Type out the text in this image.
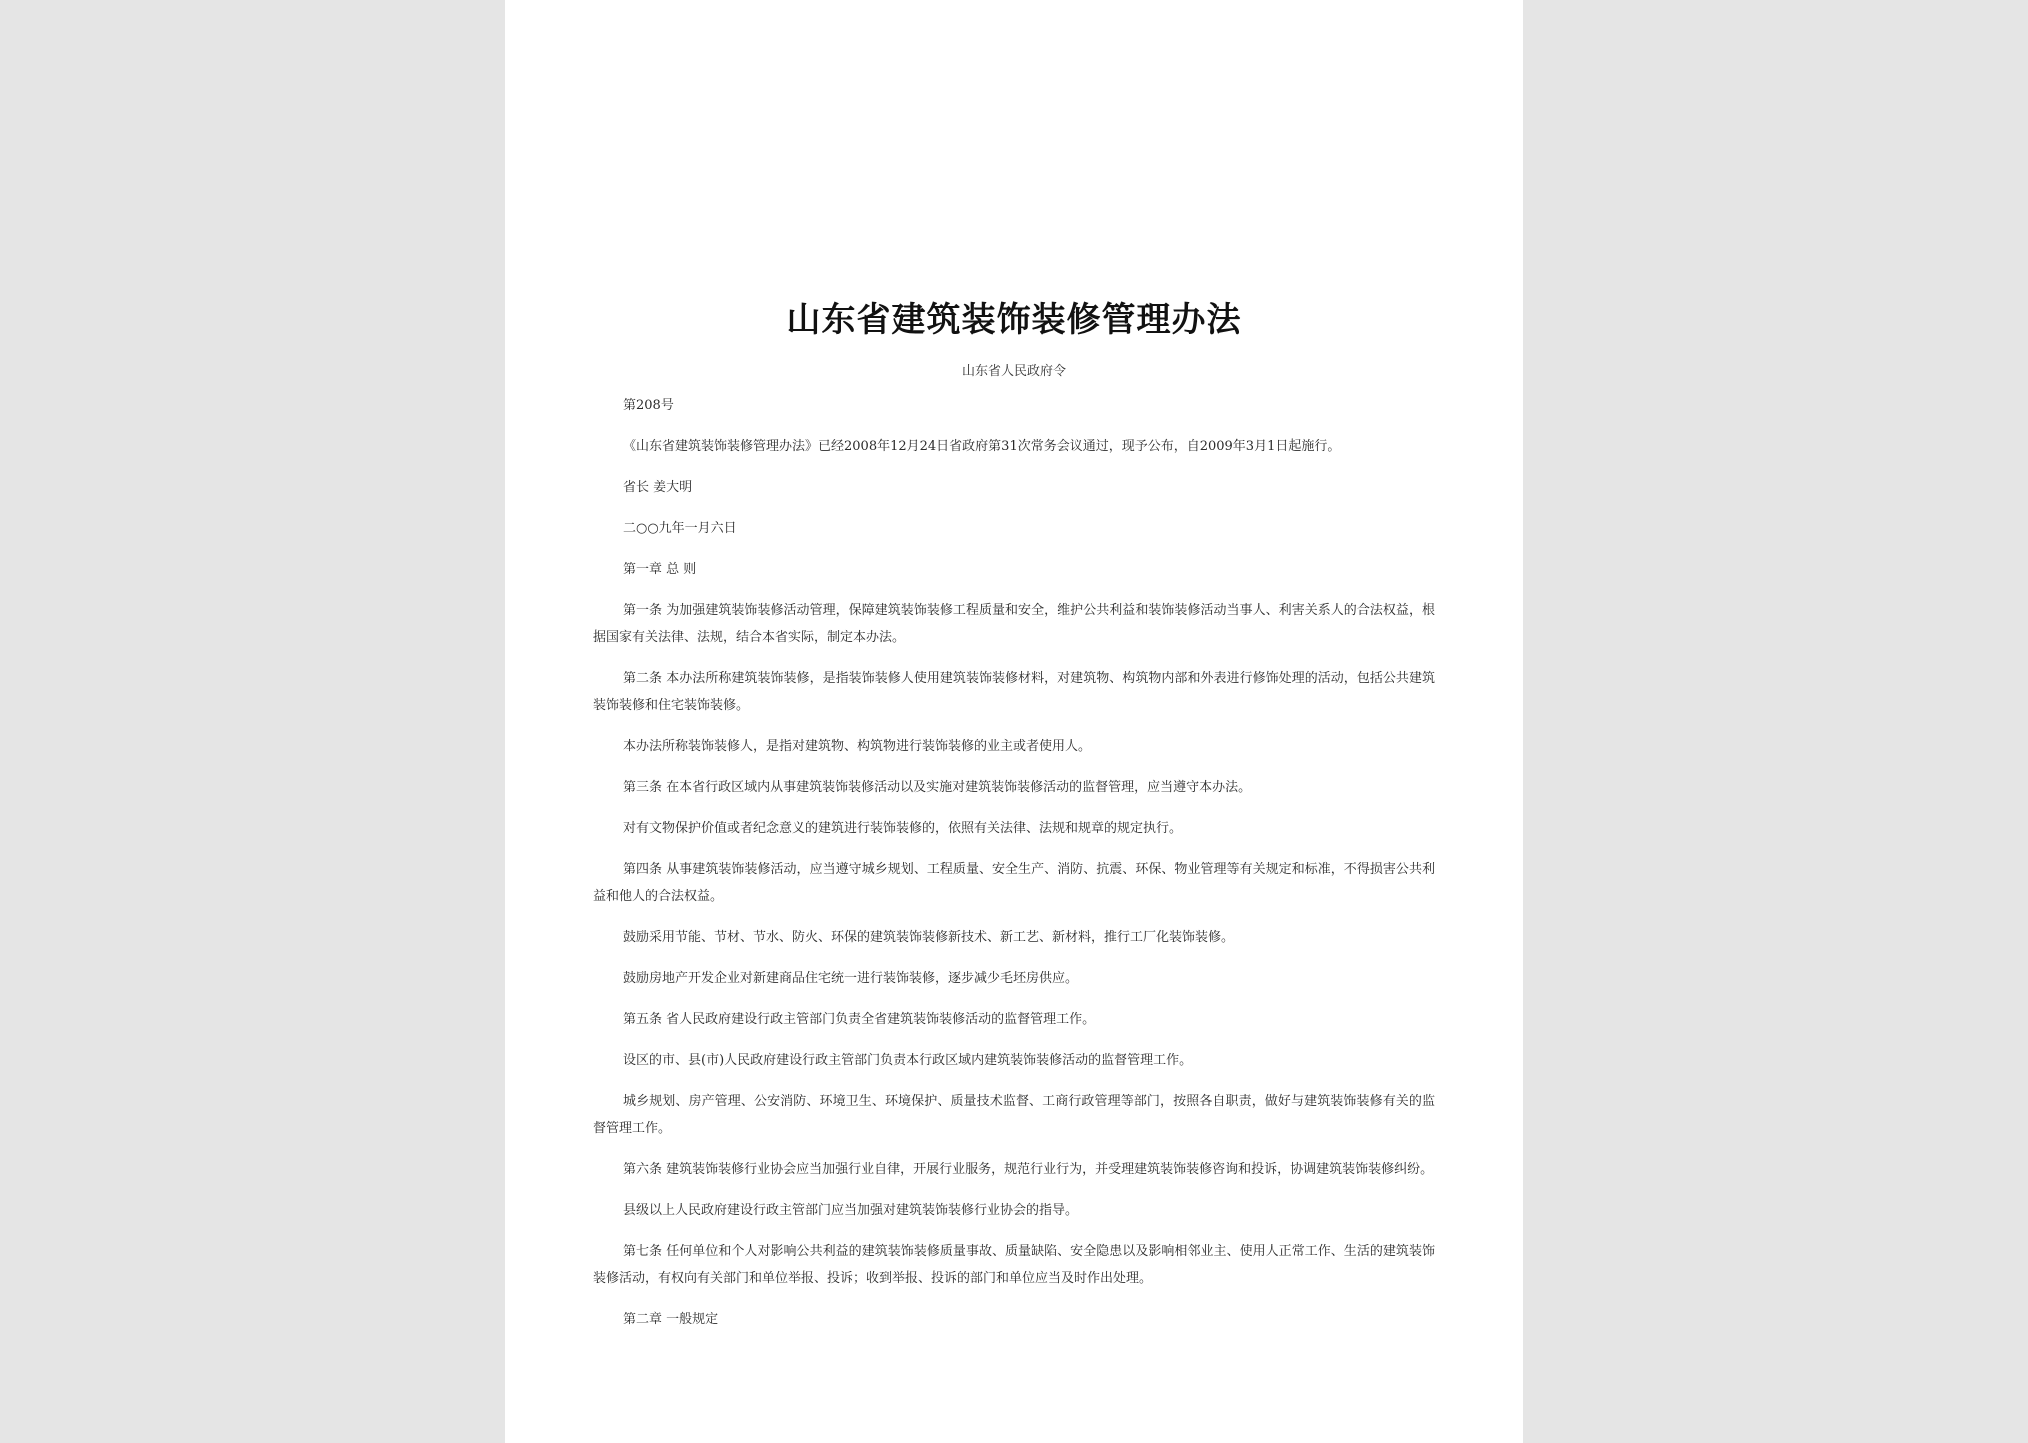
山东省建筑装饰装修管理办法
山东省人民政府令

第208号

《山东省建筑装饰装修管理办法》已经2008年12月24日省政府第31次常务会议通过，现予公布，自2009年3月1日起施行。

省长 姜大明

二○○九年一月六日

第一章 总 则

第一条 为加强建筑装饰装修活动管理，保障建筑装饰装修工程质量和安全，维护公共利益和装饰装修活动当事人、利害关系人的合法权益，根据国家有关法律、法规，结合本省实际，制定本办法。

第二条 本办法所称建筑装饰装修，是指装饰装修人使用建筑装饰装修材料，对建筑物、构筑物内部和外表进行修饰处理的活动，包括公共建筑装饰装修和住宅装饰装修。

本办法所称装饰装修人，是指对建筑物、构筑物进行装饰装修的业主或者使用人。

第三条 在本省行政区域内从事建筑装饰装修活动以及实施对建筑装饰装修活动的监督管理，应当遵守本办法。

对有文物保护价值或者纪念意义的建筑进行装饰装修的，依照有关法律、法规和规章的规定执行。

第四条 从事建筑装饰装修活动，应当遵守城乡规划、工程质量、安全生产、消防、抗震、环保、物业管理等有关规定和标准，不得损害公共利益和他人的合法权益。

鼓励采用节能、节材、节水、防火、环保的建筑装饰装修新技术、新工艺、新材料，推行工厂化装饰装修。

鼓励房地产开发企业对新建商品住宅统一进行装饰装修，逐步减少毛坯房供应。

第五条 省人民政府建设行政主管部门负责全省建筑装饰装修活动的监督管理工作。

设区的市、县(市)人民政府建设行政主管部门负责本行政区域内建筑装饰装修活动的监督管理工作。

城乡规划、房产管理、公安消防、环境卫生、环境保护、质量技术监督、工商行政管理等部门，按照各自职责，做好与建筑装饰装修有关的监督管理工作。

第六条 建筑装饰装修行业协会应当加强行业自律，开展行业服务，规范行业行为，并受理建筑装饰装修咨询和投诉，协调建筑装饰装修纠纷。

县级以上人民政府建设行政主管部门应当加强对建筑装饰装修行业协会的指导。

第七条 任何单位和个人对影响公共利益的建筑装饰装修质量事故、质量缺陷、安全隐患以及影响相邻业主、使用人正常工作、生活的建筑装饰装修活动，有权向有关部门和单位举报、投诉；收到举报、投诉的部门和单位应当及时作出处理。

第二章 一般规定
